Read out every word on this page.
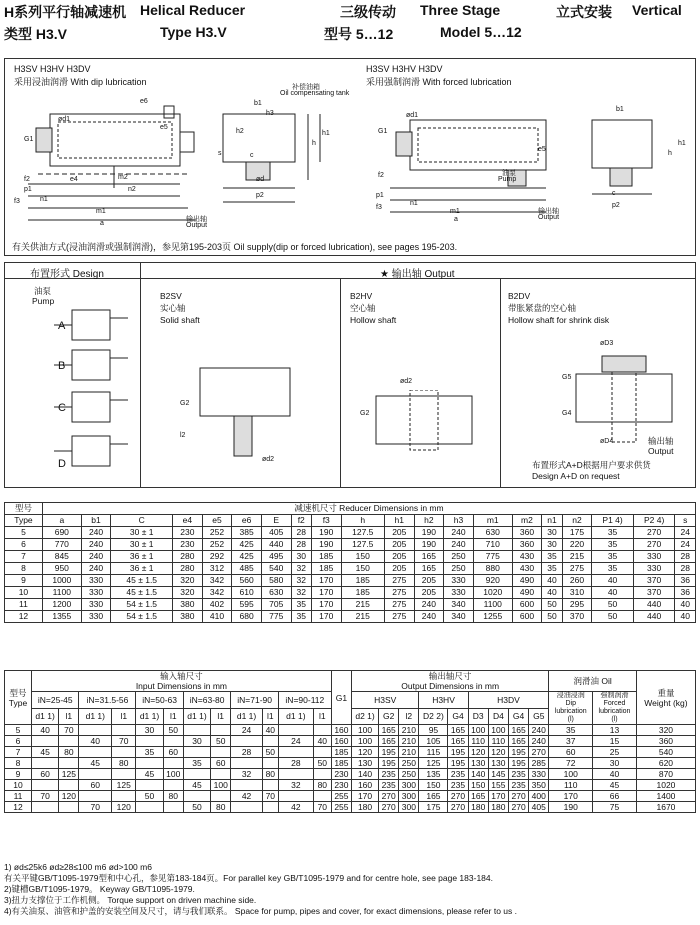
H系列平行轴减速机 Helical Reducer	三级传动 Three Stage	立式安装 Vertical
类型 H3.V	Type H3.V	型号 5…12	Model 5…12
H3SV H3HV H3DV
采用浸油润滑 With dip lubrication
H3SV H3HV H3DV
采用强制润滑 With forced lubrication
G1
ød1
e6
e5
p1
n1
m1
a
n2
m2
e4
f2
f3
b1
h3
c
h2
s
h
h1
ød
p2
补偿油箱
Oil compensating tank
输出轴
Output
G1
ød1
f2
e5
p1
f3
n1
m1
a
b1
c
h
p2
h1
油泵
Pump
输出轴
Output
有关供油方式(浸油润滑或强制润滑)，参见第195-203页 Oil supply(dip or forced lubrication), see pages 195-203.
布置形式 Design	★ 输出轴 Output
油泵
Pump
A
B
C
D
B2SV
实心轴
Solid shaft
G2
l2
ød2
B2HV
空心轴
Hollow shaft
ød2
G2
B2DV
带胀紧盘的空心轴
Hollow shaft for shrink disk
øD3
G5
G4
øD4	输出轴
Output
布置形式A+D根据用户要求供货
Design A+D on request
型号	减速机尺寸 Reducer Dimensions in mm																			
Type	a	b1	C	e4	e5	e6	E	f2	f3	h	h1	h2	h3	m1	m2	n1	n2	P1 4)	P2 4)	s
5	690	240	30 ± 1	230	252	385	405	28	190	127.5	205	190	240	630	360	30	175	35	270	24
6	770	240	30 ± 1	230	252	425	440	28	190	127.5	205	190	240	710	360	30	220	35	270	24
7	845	240	36 ± 1	280	292	425	495	30	185	150	205	165	250	775	430	35	215	35	330	28
8	950	240	36 ± 1	280	312	485	540	32	185	150	205	165	250	880	430	35	275	35	330	28
9	1000	330	45 ± 1.5	320	342	560	580	32	170	185	275	205	330	920	490	40	260	40	370	36
10	1100	330	45 ± 1.5	320	342	610	630	32	170	185	275	205	330	1020	490	40	310	40	370	36
11	1200	330	54 ± 1.5	380	402	595	705	35	170	215	275	240	340	1100	600	50	295	50	440	40
12	1355	330	54 ± 1.5	380	410	680	775	35	170	215	275	240	340	1255	600	50	370	50	440	40
型号
Type	输入轴尺寸
Input Dimensions in mm												G1	输出轴尺寸
Output Dimensions in mm									润滑油 Oil		重量
Weight (kg)
	iN=25-45		iN=31.5-56		iN=50-63		iN=63-80		iN=71-90		iN=90-112			H3SV			H3HV		H3DV				浸油浸润
Dip
lubrication
(l)	强制润滑
Forced
lubrication
(l)	
	d1 1)	l1	d1 1)	l1	d1 1)	l1	d1 1)	l1	d1 1)	l1	d1 1)	l1		d2 1)	G2	l2	D2 2)	G4	D3	D4	G4	G5			
5	40	70			30	50			24	40			160	100	165	210	95	165	100	100	165	240	35	13	320
6			40	70			30	50			24	40	160	100	165	210	105	165	110	110	165	240	37	15	360
7	45	80			35	60			28	50			185	120	195	210	115	195	120	120	195	270	60	25	540
8			45	80			35	60			28	50	185	130	195	250	125	195	130	130	195	285	72	30	620
9	60	125			45	100			32	80			230	140	235	250	135	235	140	145	235	330	100	40	870
10			60	125			45	100			32	80	230	160	235	300	150	235	150	155	235	350	110	45	1020
11	70	120			50	80			42	70			255	170	270	300	165	270	165	170	270	400	170	66	1400
12			70	120			50	80			42	70	255	180	270	300	175	270	180	180	270	405	190	75	1670
1) ød≤25k6 ød≥28≤100 m6 ød>100 m6
有关平键GB/T1095-1979型和中心孔，参见第183-184页。For parallel key GB/T1095-1979 and for centre hole, see page 183-184.
2)键槽GB/T1095-1979。 Keyway GB/T1095-1979.
3)扭力支撑位于工作机侧。 Torque support on driven machine side.
4)有关油泵、油管和护盖的安装空间及尺寸，请与我们联系。 Space for pump, pipes and cover, for exact dimensions, please refer to us .
